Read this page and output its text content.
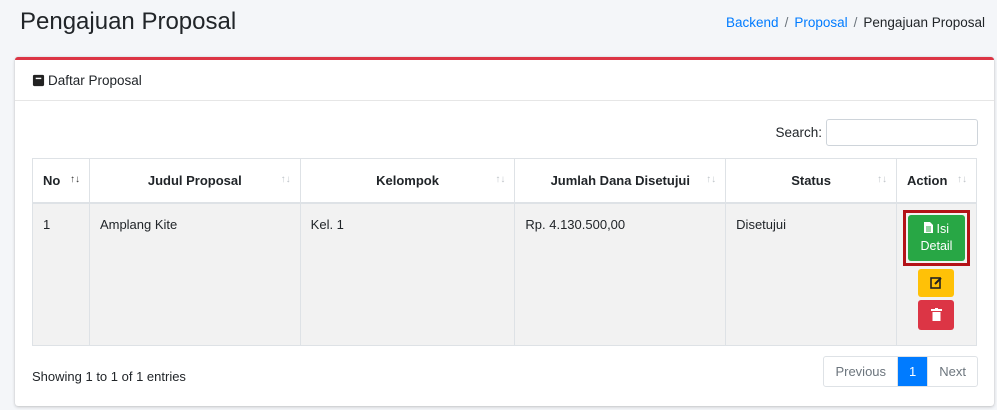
Pengajuan Proposal	Backend / Proposal / Pengajuan Proposal
Daftar Proposal
Search:
No ↑↓	Judul Proposal ↑↓	Kelompok ↑↓	Jumlah Dana Disetujui ↑↓	Status ↑↓	Action ↑↓

1	Amplang Kite	Kel. 1	Rp. 4.130.500,00	Disetujui	Isi
Detail
Showing 1 to 1 of 1 entries	Previous	1	Next
